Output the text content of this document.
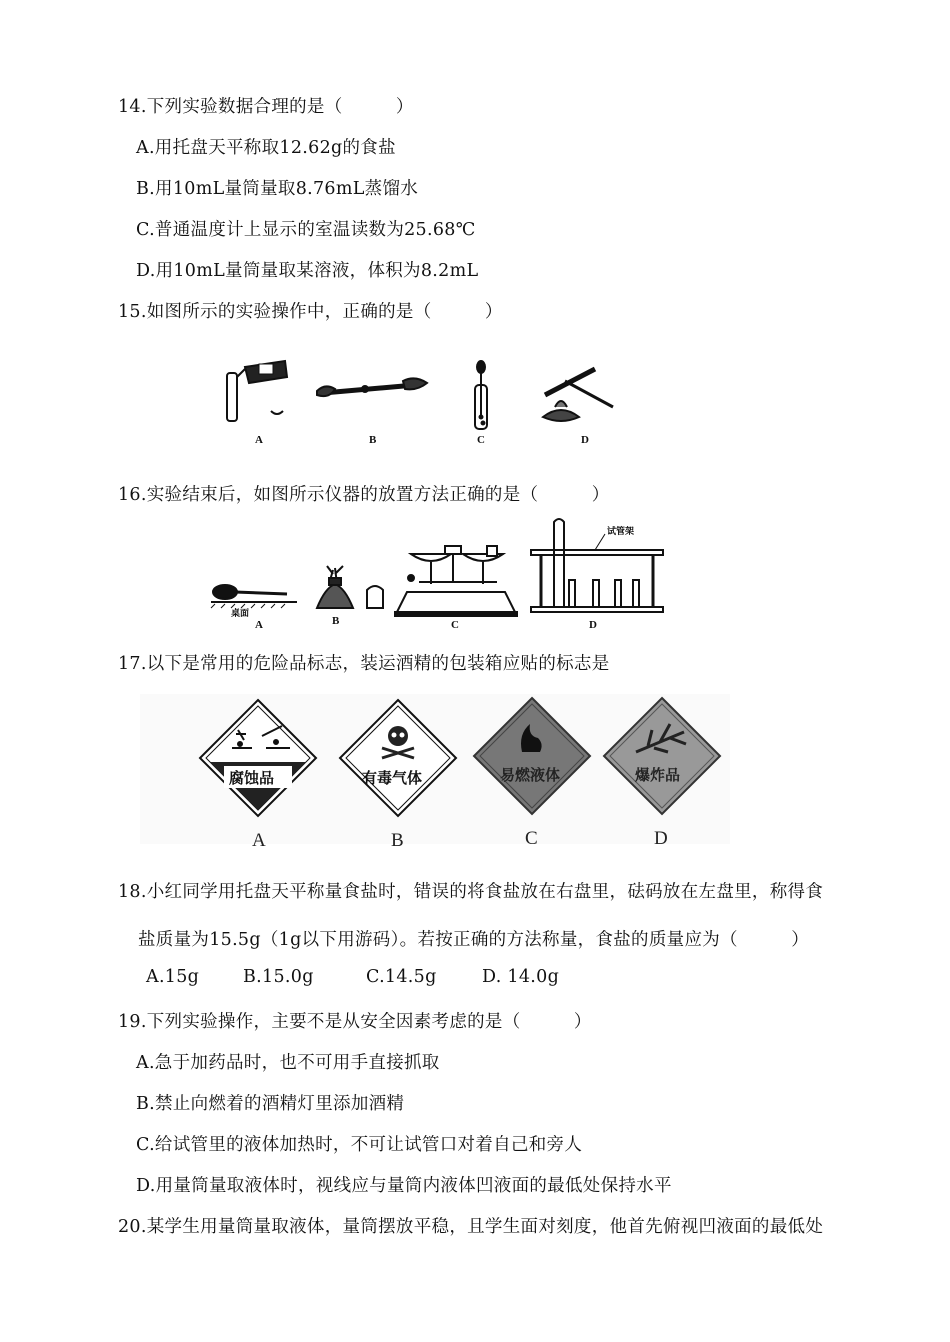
14.下列实验数据合理的是（　　　）
A.用托盘天平称取12.62g的食盐
B.用10mL量筒量取8.76mL蒸馏水
C.普通温度计上显示的室温读数为25.68℃
D.用10mL量筒量取某溶液，体积为8.2mL
15.如图所示的实验操作中，正确的是（　　　）
A	B	C	D
16.实验结束后，如图所示仪器的放置方法正确的是（　　　）
桌面
A	B	C
试管架
D
17.以下是常用的危险品标志，装运酒精的包装箱应贴的标志是
腐蚀品
A
有毒气体
B
易燃液体
C
爆炸品
D
18.小红同学用托盘天平称量食盐时，错误的将食盐放在右盘里，砝码放在左盘里，称得食
盐质量为15.5g（1g以下用游码）。若按正确的方法称量，食盐的质量应为（　　　）
A.15g	B.15.0g	C.14.5g	D. 14.0g
19.下列实验操作，主要不是从安全因素考虑的是（　　　）
A.急于加药品时，也不可用手直接抓取
B.禁止向燃着的酒精灯里添加酒精
C.给试管里的液体加热时，不可让试管口对着自己和旁人
D.用量筒量取液体时，视线应与量筒内液体凹液面的最低处保持水平
20.某学生用量筒量取液体，量筒摆放平稳，且学生面对刻度，他首先俯视凹液面的最低处
